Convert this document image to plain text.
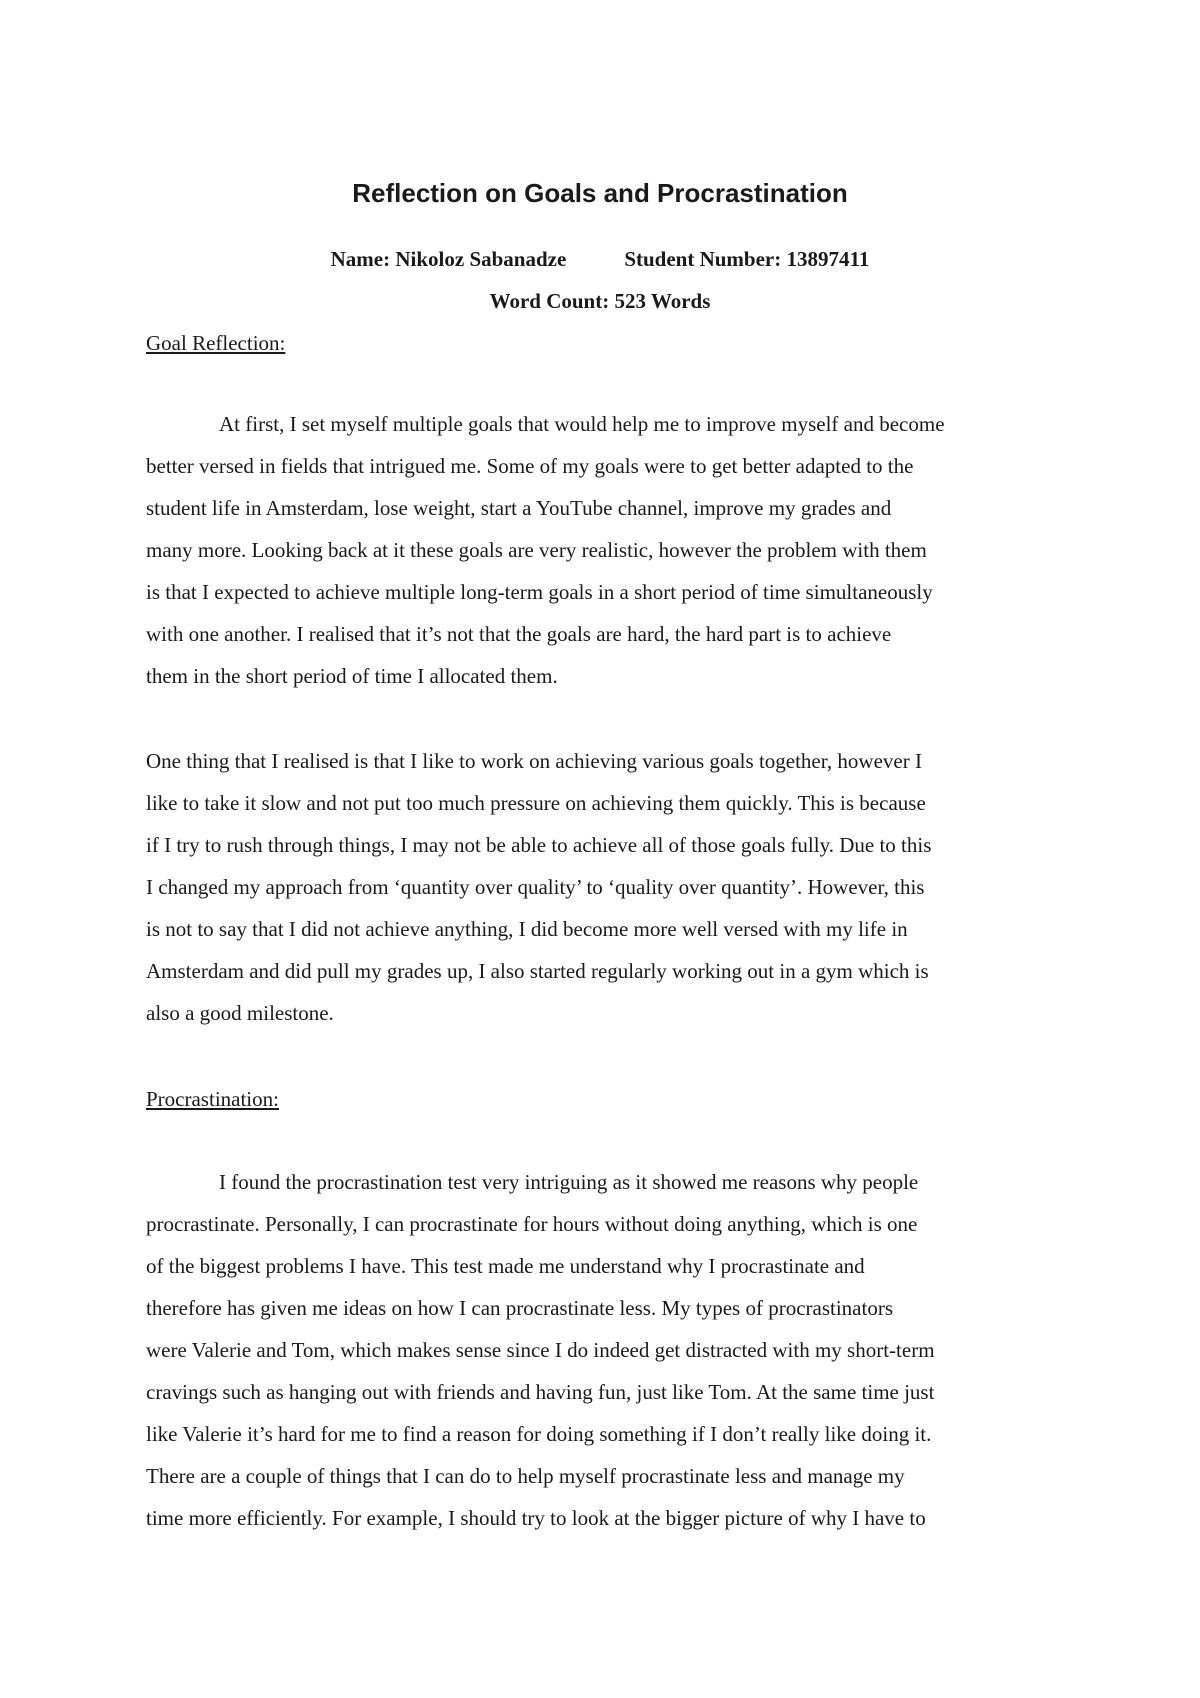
Reflection on Goals and Procrastination
Name: Nikoloz Sabanadze	Student Number: 13897411
Word Count: 523 Words
Goal Reflection:
At first, I set myself multiple goals that would help me to improve myself and become
better versed in fields that intrigued me. Some of my goals were to get better adapted to the
student life in Amsterdam, lose weight, start a YouTube channel, improve my grades and
many more. Looking back at it these goals are very realistic, however the problem with them
is that I expected to achieve multiple long-term goals in a short period of time simultaneously
with one another. I realised that it’s not that the goals are hard, the hard part is to achieve
them in the short period of time I allocated them.
One thing that I realised is that I like to work on achieving various goals together, however I
like to take it slow and not put too much pressure on achieving them quickly. This is because
if I try to rush through things, I may not be able to achieve all of those goals fully. Due to this
I changed my approach from ‘quantity over quality’ to ‘quality over quantity’. However, this
is not to say that I did not achieve anything, I did become more well versed with my life in
Amsterdam and did pull my grades up, I also started regularly working out in a gym which is
also a good milestone.
Procrastination:
I found the procrastination test very intriguing as it showed me reasons why people
procrastinate. Personally, I can procrastinate for hours without doing anything, which is one
of the biggest problems I have. This test made me understand why I procrastinate and
therefore has given me ideas on how I can procrastinate less. My types of procrastinators
were Valerie and Tom, which makes sense since I do indeed get distracted with my short-term
cravings such as hanging out with friends and having fun, just like Tom. At the same time just
like Valerie it’s hard for me to find a reason for doing something if I don’t really like doing it.
There are a couple of things that I can do to help myself procrastinate less and manage my
time more efficiently. For example, I should try to look at the bigger picture of why I have to
